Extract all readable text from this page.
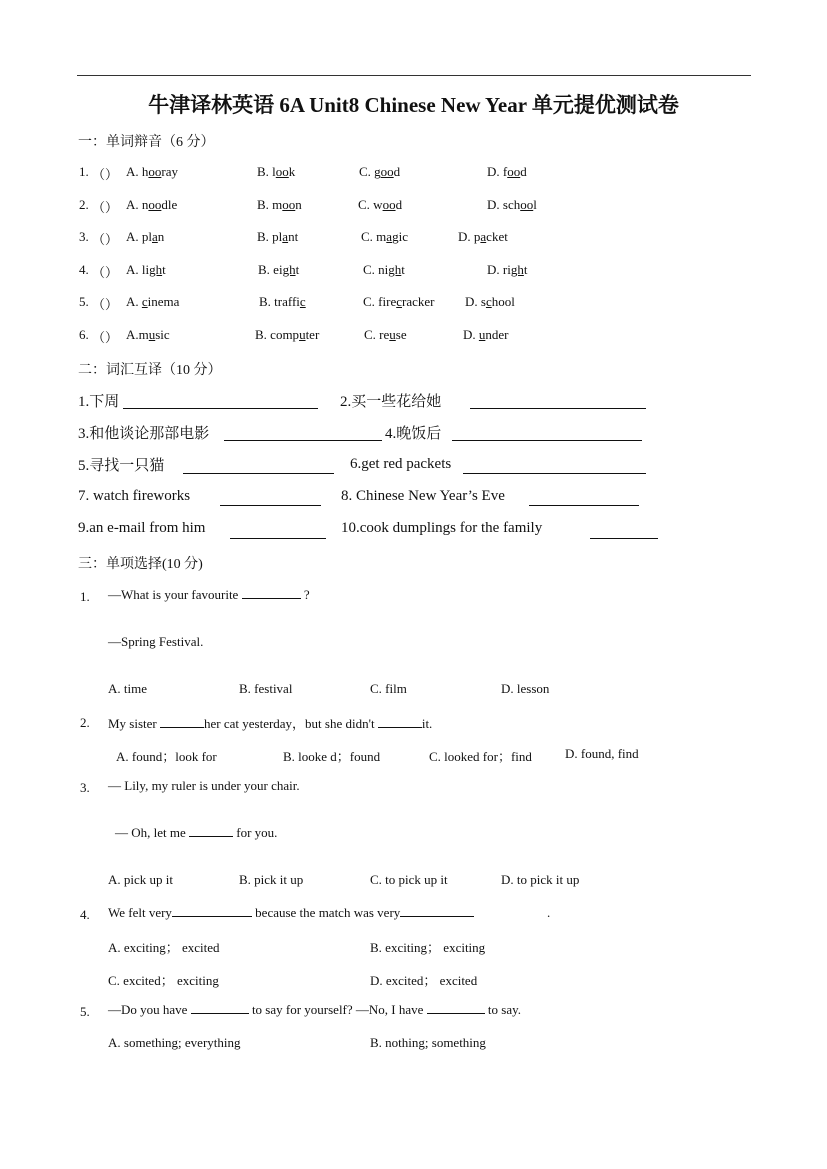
牛津译林英语 6A Unit8 Chinese New Year 单元提优测试卷
一：单词辩音（6 分）
1. （） A. hooray	B. look	C. good	D. food
2. （） A. noodle	B. moon	C. wood	D. school
3. （） A. plan	B. plant	C. magic	D. packet
4. （） A. light	B. eight	C. night	D. right
5. （） A. cinema	B. traffic	C. firecracker D. school
6. （） A.music	B. computer	C. reuse	D. under
二：词汇互译（10 分）
1.下周	2.买一些花给她
3.和他谈论那部电影	4.晚饭后
5.寻找一只猫	6.get red packets
7. watch fireworks	8. Chinese New Year’s Eve
9.an e-mail from him	10.cook dumplings for the family
三：单项选择(10 分)
1. —What is your favourite	?
—Spring Festival.
A. time	B. festival	C. film	D. lesson
2. My sister	her cat yesterday，but she didn't	it.
A. found；look for	B. looke d；found	C. looked for；find	D. found, find
3. — Lily, my ruler is under your chair.
— Oh, let me	for you.
A. pick up it	B. pick it up	C. to pick up it	D. to pick it up
4. We felt very	because the match was very	.
A. exciting； excited	B. exciting； exciting
C. excited； exciting	D. excited； excited
5. —Do you have	to say for yourself? —No, I have	to say.
A. something; everything	B. nothing; something
